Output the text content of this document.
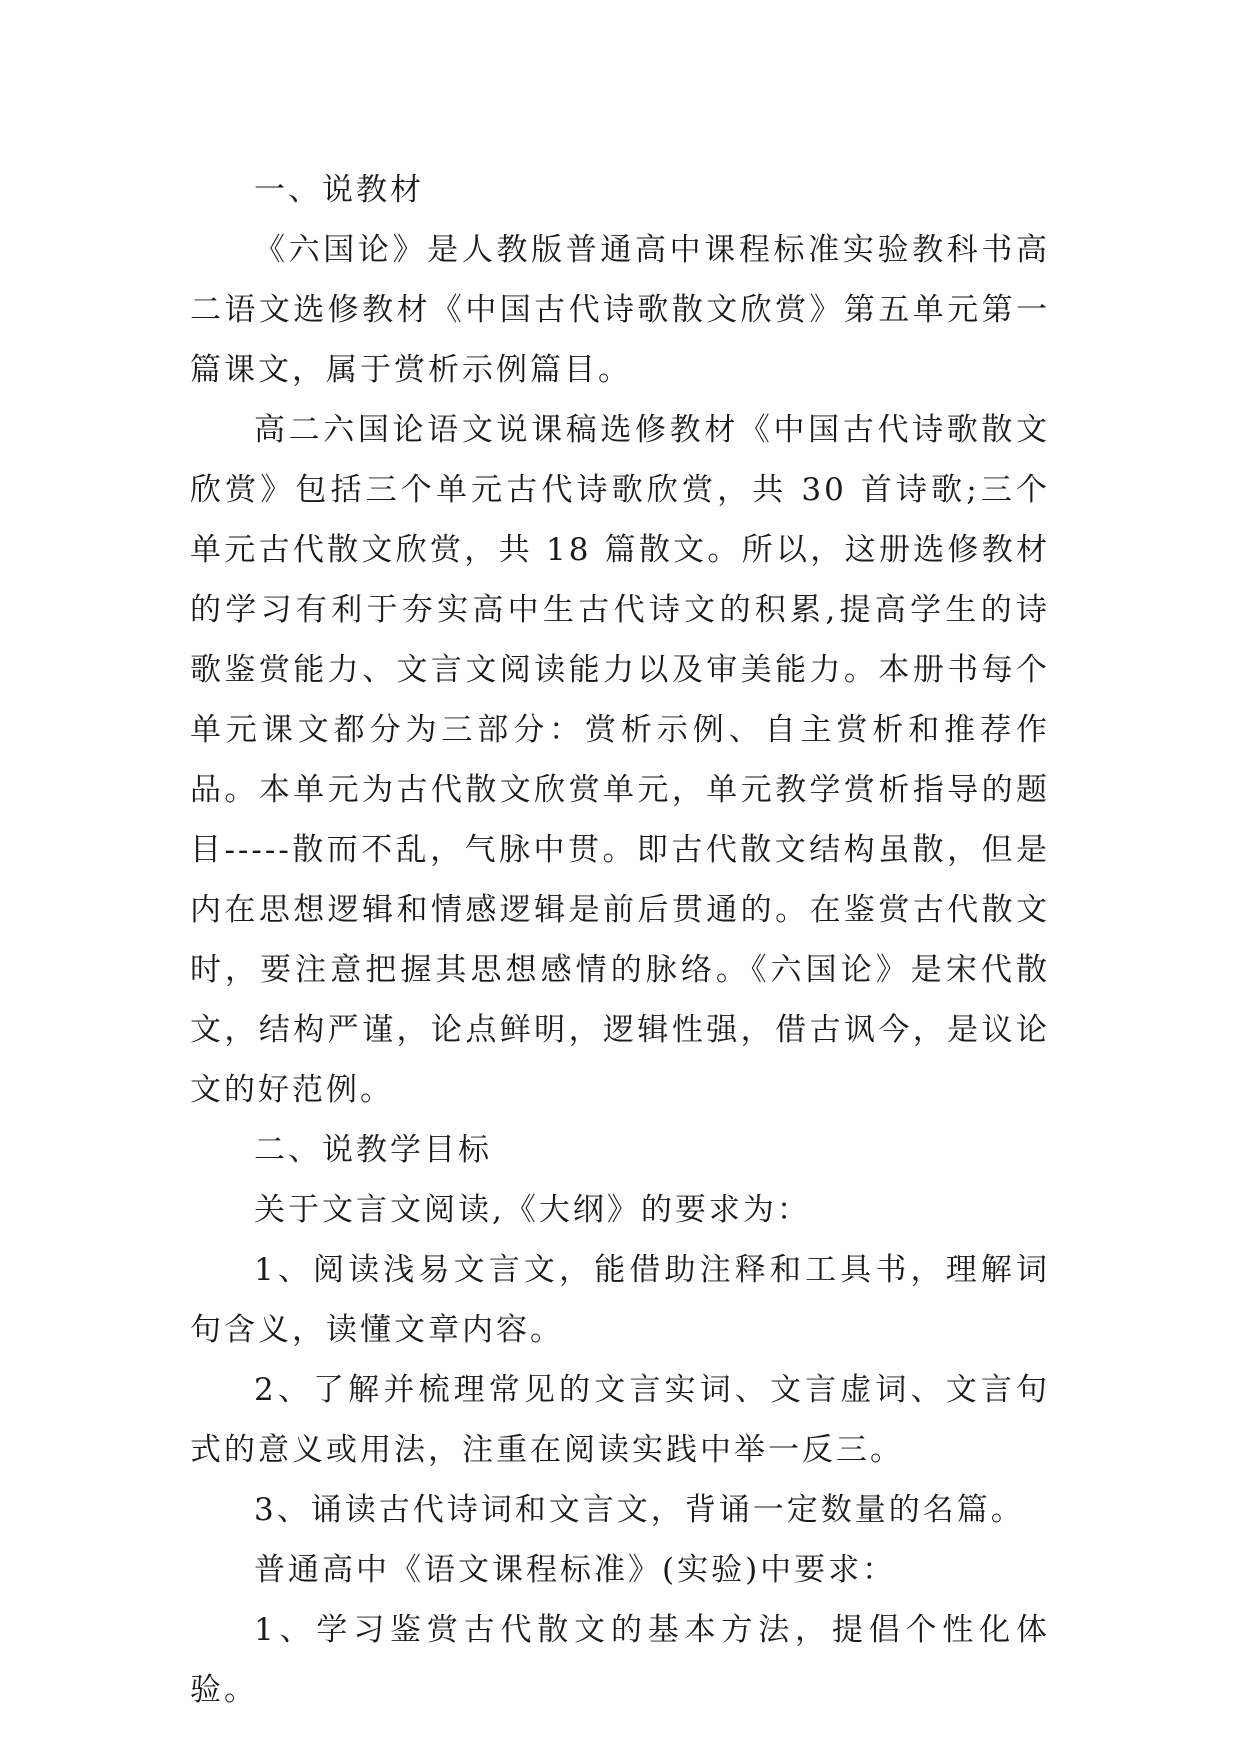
一、说教材

《六国论》是人教版普通高中课程标准实验教科书高二语文选修教材《中国古代诗歌散文欣赏》第五单元第一篇课文，属于赏析示例篇目。

高二六国论语文说课稿选修教材《中国古代诗歌散文欣赏》包括三个单元古代诗歌欣赏，共 30 首诗歌;三个单元古代散文欣赏，共 18 篇散文。所以，这册选修教材的学习有利于夯实高中生古代诗文的积累,提高学生的诗歌鉴赏能力、文言文阅读能力以及审美能力。本册书每个单元课文都分为三部分：赏析示例、自主赏析和推荐作品。本单元为古代散文欣赏单元，单元教学赏析指导的题目-----散而不乱，气脉中贯。即古代散文结构虽散，但是内在思想逻辑和情感逻辑是前后贯通的。在鉴赏古代散文时，要注意把握其思想感情的脉络。《六国论》是宋代散文，结构严谨，论点鲜明，逻辑性强，借古讽今，是议论文的好范例。

二、说教学目标

关于文言文阅读,《大纲》的要求为：

1、阅读浅易文言文，能借助注释和工具书，理解词句含义，读懂文章内容。

2、了解并梳理常见的文言实词、文言虚词、文言句式的意义或用法，注重在阅读实践中举一反三。

3、诵读古代诗词和文言文，背诵一定数量的名篇。

普通高中《语文课程标准》(实验)中要求：

1、学习鉴赏古代散文的基本方法，提倡个性化体验。
